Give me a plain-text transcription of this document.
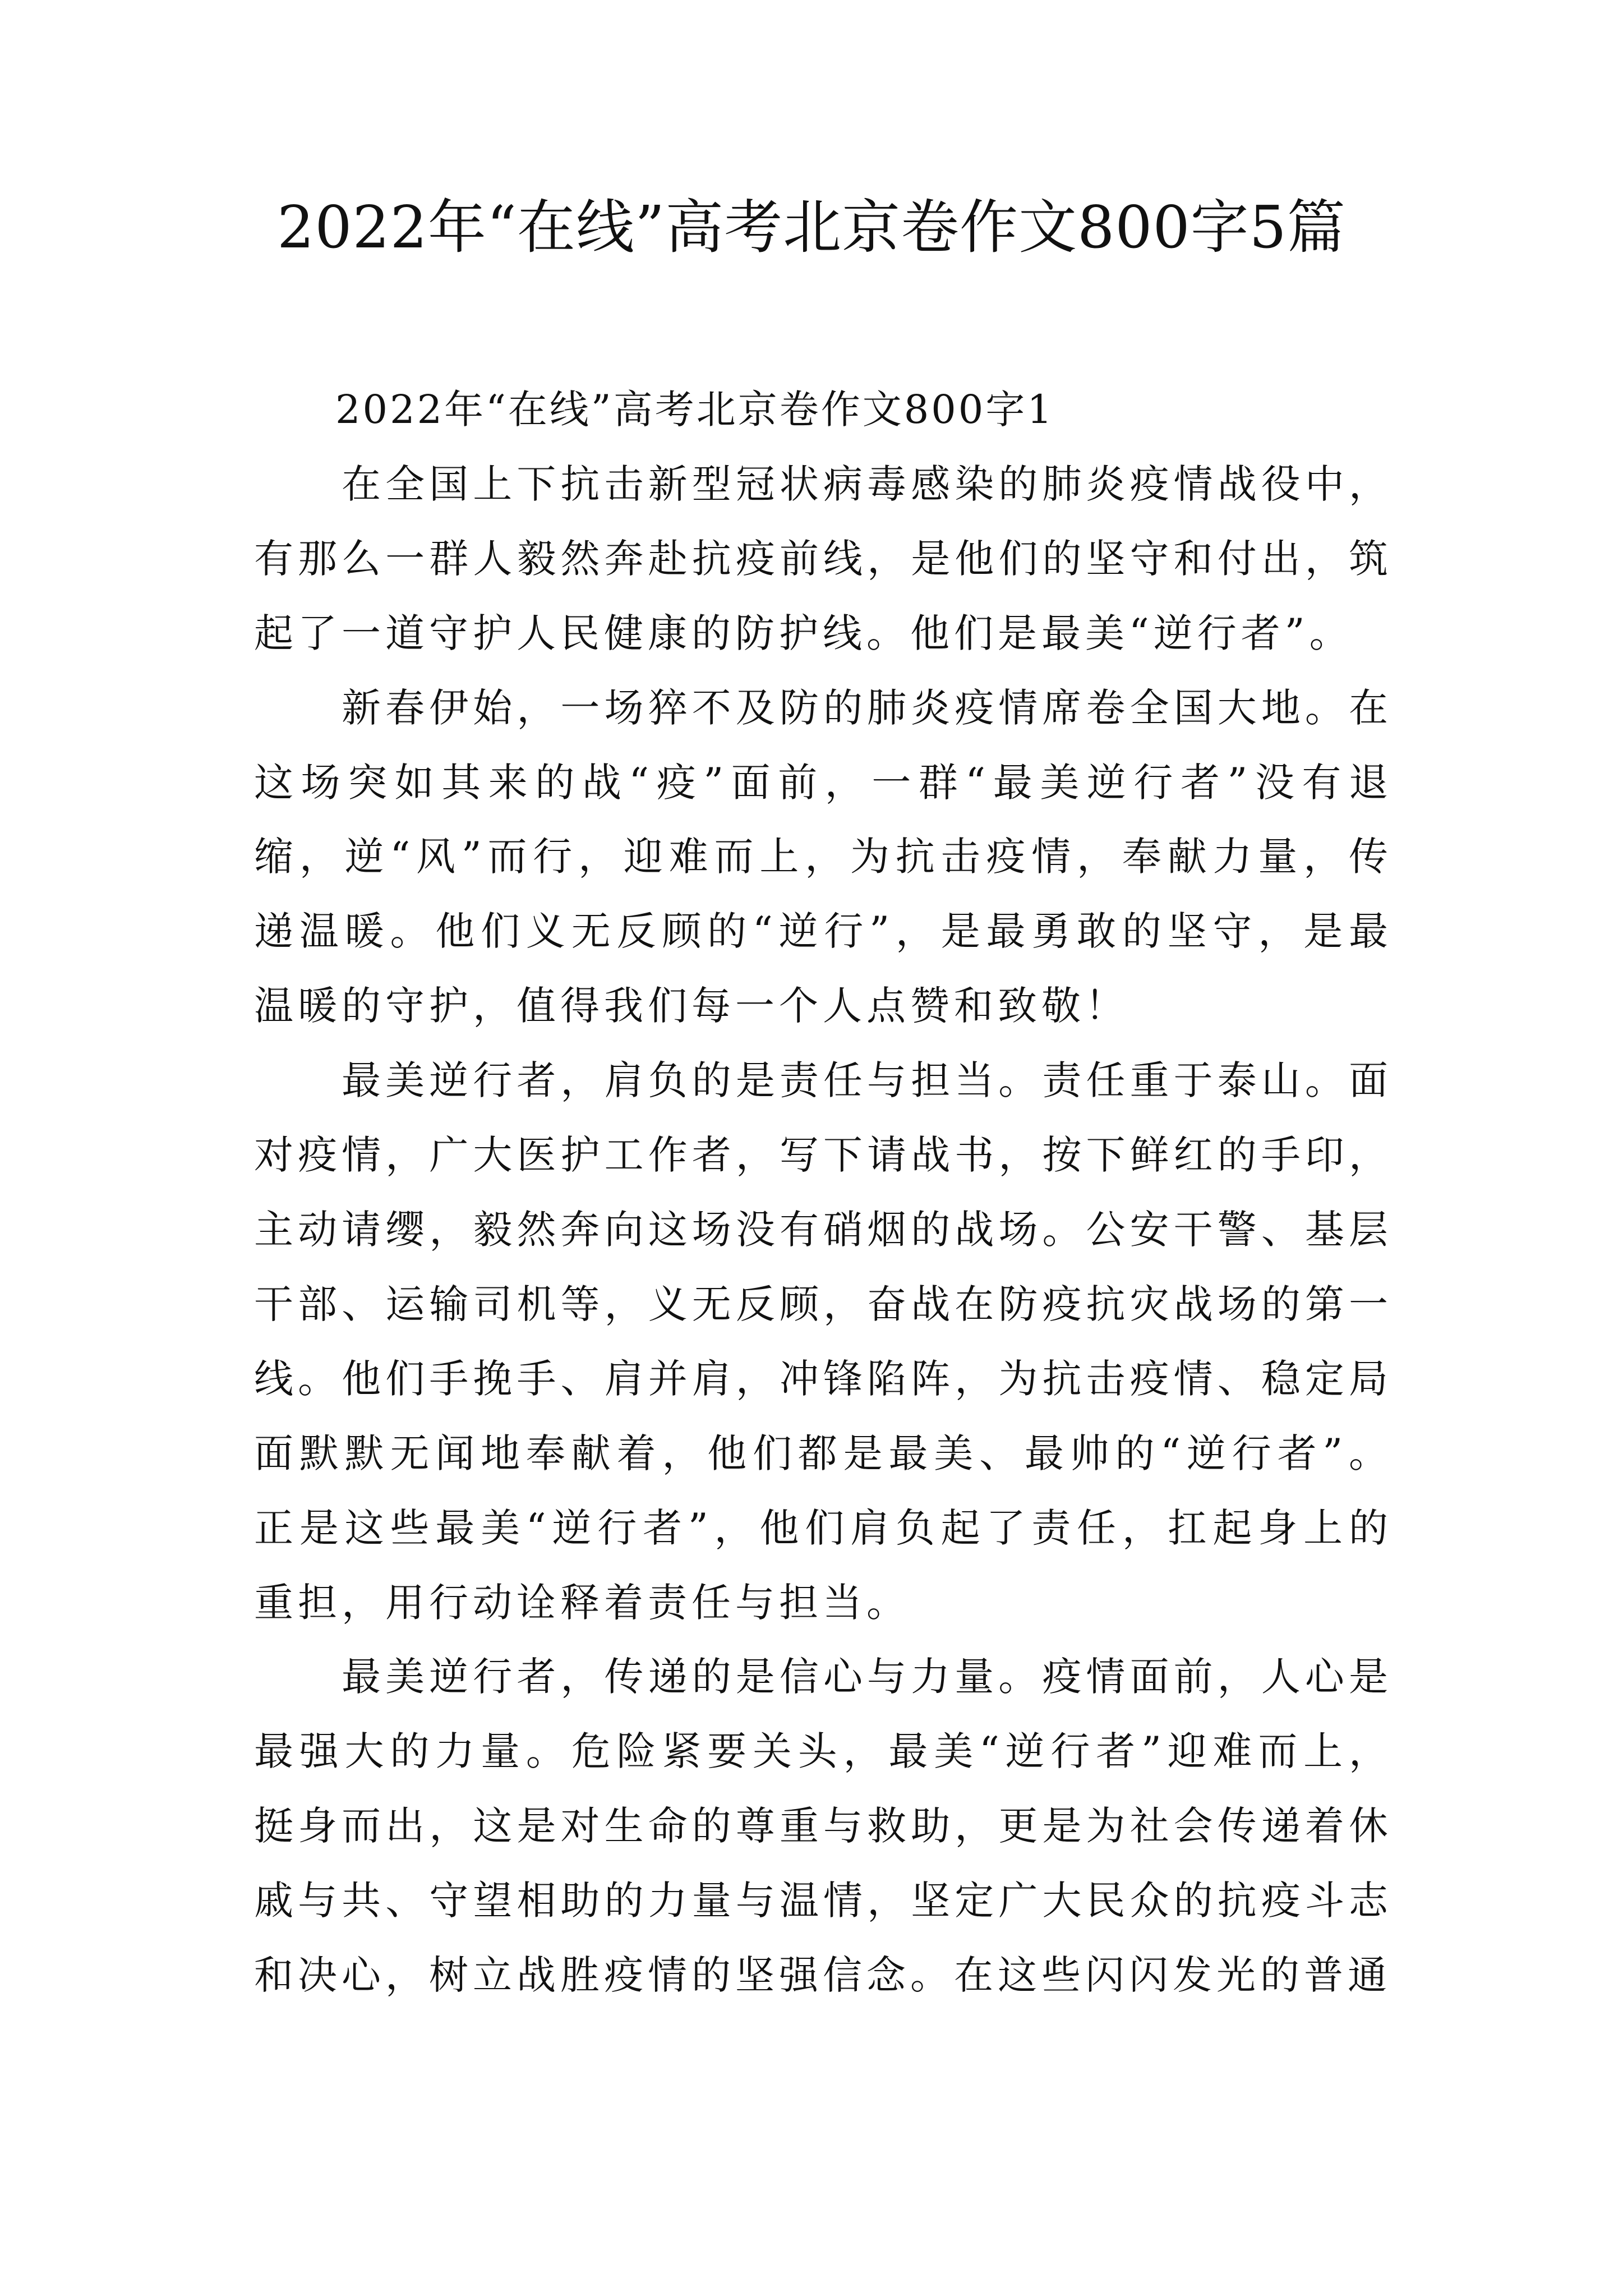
2022年“在线”高考北京卷作文800字5篇

2022年“在线”高考北京卷作文800字1

在全国上下抗击新型冠状病毒感染的肺炎疫情战役中，有那么一群人毅然奔赴抗疫前线，是他们的坚守和付出，筑起了一道守护人民健康的防护线。他们是最美“逆行者”。

新春伊始，一场猝不及防的肺炎疫情席卷全国大地。在这场突如其来的战“疫”面前，一群“最美逆行者”没有退缩，逆“风”而行，迎难而上，为抗击疫情，奉献力量，传递温暖。他们义无反顾的“逆行”，是最勇敢的坚守，是最温暖的守护，值得我们每一个人点赞和致敬！

最美逆行者，肩负的是责任与担当。责任重于泰山。面对疫情，广大医护工作者，写下请战书，按下鲜红的手印，主动请缨，毅然奔向这场没有硝烟的战场。公安干警、基层干部、运输司机等，义无反顾，奋战在防疫抗灾战场的第一线。他们手挽手、肩并肩，冲锋陷阵，为抗击疫情、稳定局面默默无闻地奉献着，他们都是最美、最帅的“逆行者”。正是这些最美“逆行者”，他们肩负起了责任，扛起身上的重担，用行动诠释着责任与担当。

最美逆行者，传递的是信心与力量。疫情面前，人心是最强大的力量。危险紧要关头，最美“逆行者”迎难而上，挺身而出，这是对生命的尊重与救助，更是为社会传递着休戚与共、守望相助的力量与温情，坚定广大民众的抗疫斗志和决心，树立战胜疫情的坚强信念。在这些闪闪发光的普通
